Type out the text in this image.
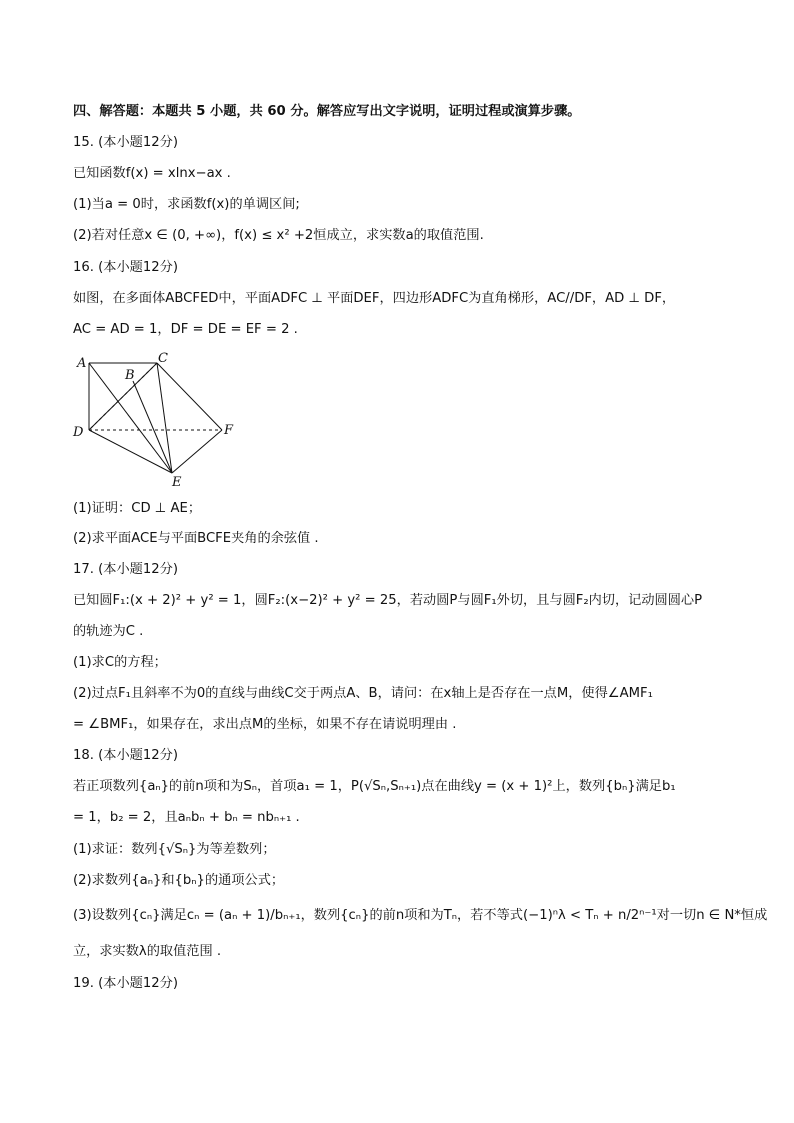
四、解答题：本题共 5 小题，共 60 分。解答应写出文字说明，证明过程或演算步骤。
15. (本小题12分)
已知函数f(x) = xlnx−ax .
(1)当a = 0时，求函数f(x)的单调区间;
(2)若对任意x ∈ (0, +∞)，f(x) ≤ x² +2恒成立，求实数a的取值范围.
16. (本小题12分)
如图，在多面体ABCFED中，平面ADFC ⊥ 平面DEF，四边形ADFC为直角梯形，AC//DF，AD ⊥ DF，
AC = AD = 1，DF = DE = EF = 2 .
A
B
C
D
E
F
(1)证明：CD ⊥ AE；
(2)求平面ACE与平面BCFE夹角的余弦值 .
17. (本小题12分)
已知圆F₁:(x + 2)² + y² = 1，圆F₂:(x−2)² + y² = 25，若动圆P与圆F₁外切，且与圆F₂内切，记动圆圆心P
的轨迹为C .
(1)求C的方程；
(2)过点F₁且斜率不为0的直线与曲线C交于两点A、B，请问：在x轴上是否存在一点M，使得∠AMF₁
= ∠BMF₁，如果存在，求出点M的坐标，如果不存在请说明理由 .
18. (本小题12分)
若正项数列{aₙ}的前n项和为Sₙ，首项a₁ = 1，P(√Sₙ,Sₙ₊₁)点在曲线y = (x + 1)²上，数列{bₙ}满足b₁
= 1，b₂ = 2，且aₙbₙ + bₙ = nbₙ₊₁ .
(1)求证：数列{√Sₙ}为等差数列；
(2)求数列{aₙ}和{bₙ}的通项公式；
(3)设数列{cₙ}满足cₙ = (aₙ + 1)/bₙ₊₁，数列{cₙ}的前n项和为Tₙ，若不等式(−1)ⁿλ < Tₙ + n/2ⁿ⁻¹对一切n ∈ N*恒成
立，求实数λ的取值范围 .
19. (本小题12分)
